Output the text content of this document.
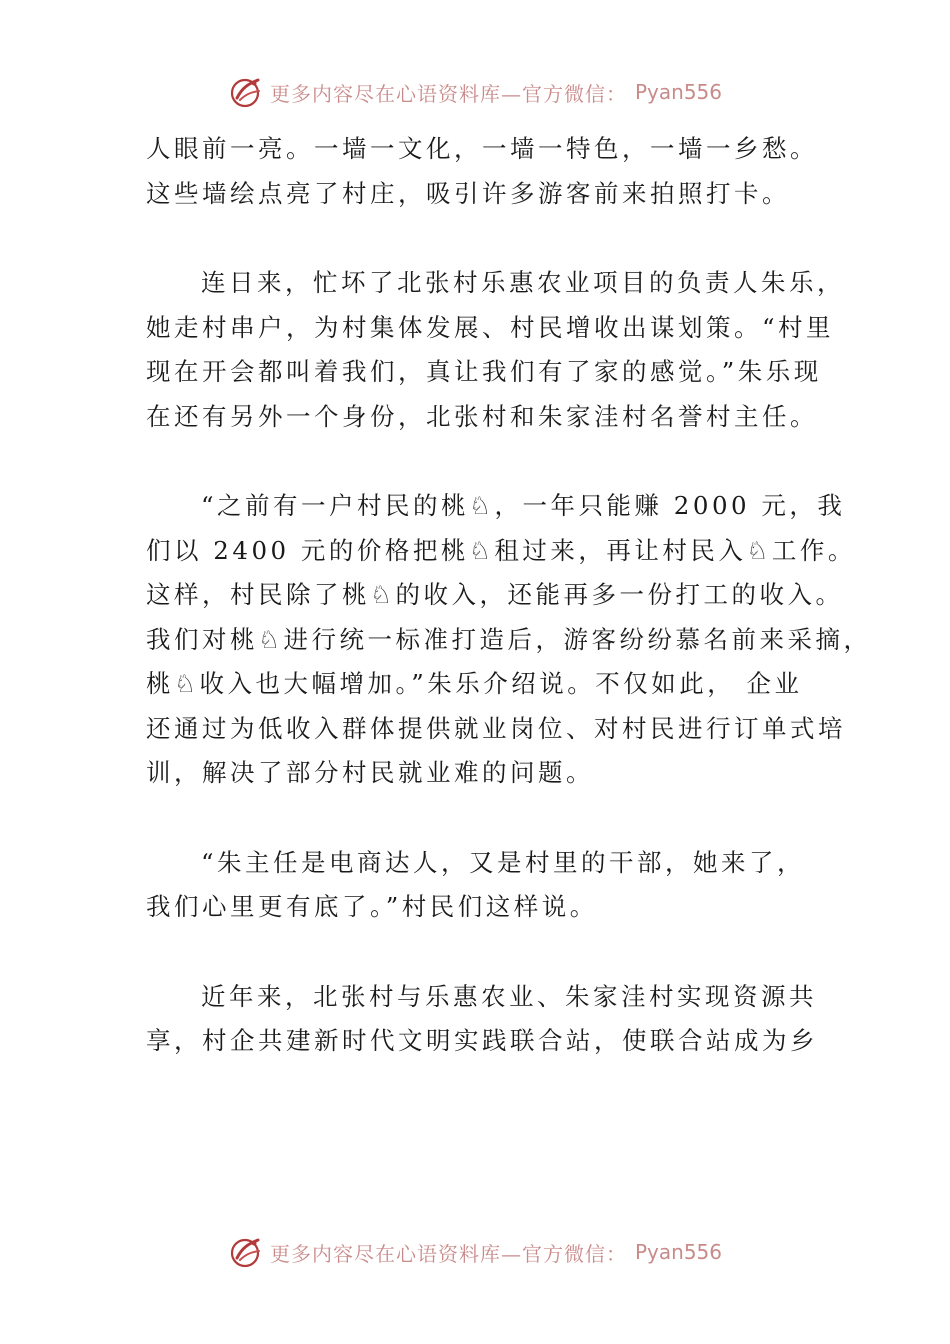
更多内容尽在心语资料库—官方微信： Pyan556
人眼前一亮。一墙一文化，一墙一特色，一墙一乡愁。
这些墙绘点亮了村庄，吸引许多游客前来拍照打卡。
连日来，忙坏了北张村乐惠农业项目的负责人朱乐，
她走村串户，为村集体发展、村民增收出谋划策。“村里
现在开会都叫着我们，真让我们有了家的感觉。”朱乐现
在还有另外一个身份，北张村和朱家洼村名誉村主任。
“之前有一户村民的桃♘，一年只能赚 2000 元，我
们以 2400 元的价格把桃♘租过来，再让村民入♘工作。
这样，村民除了桃♘的收入，还能再多一份打工的收入。
我们对桃♘进行统一标准打造后，游客纷纷慕名前来采摘，
桃♘收入也大幅增加。”朱乐介绍说。不仅如此， 企业
还通过为低收入群体提供就业岗位、对村民进行订单式培
训，解决了部分村民就业难的问题。
“朱主任是电商达人，又是村里的干部，她来了，
我们心里更有底了。”村民们这样说。
近年来，北张村与乐惠农业、朱家洼村实现资源共
享，村企共建新时代文明实践联合站，使联合站成为乡
更多内容尽在心语资料库—官方微信： Pyan556
